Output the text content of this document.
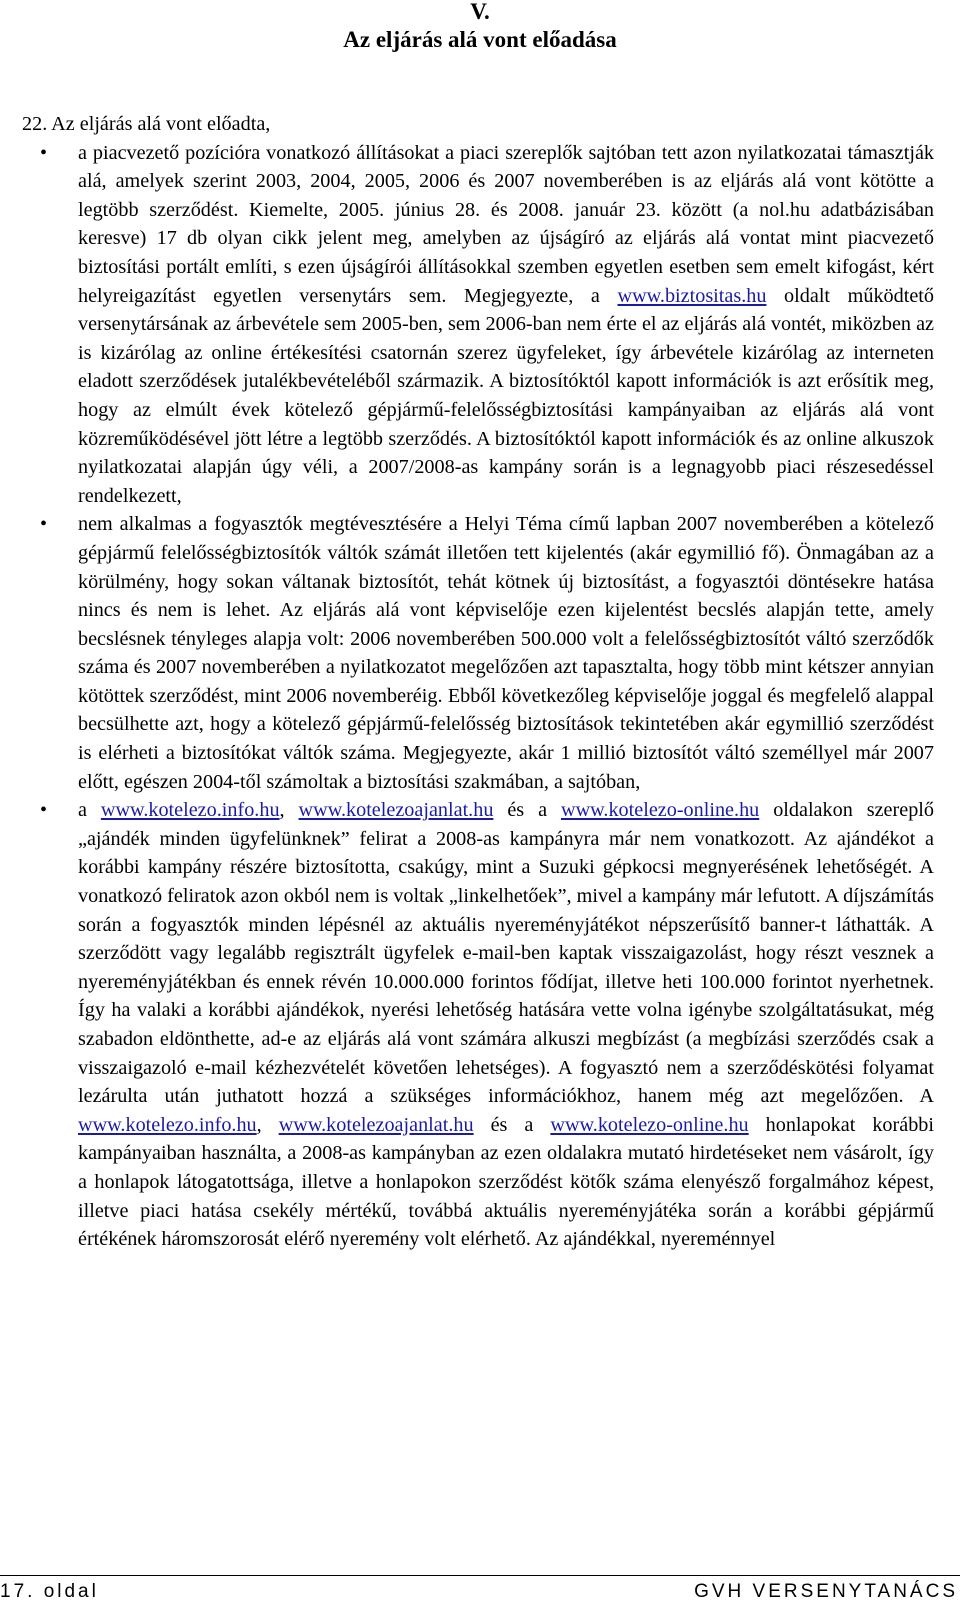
V.
Az eljárás alá vont előadása

22. Az eljárás alá vont előadta,

• a piacvezető pozícióra vonatkozó állításokat a piaci szereplők sajtóban tett azon nyilatkozatai támasztják alá, amelyek szerint 2003, 2004, 2005, 2006 és 2007 novemberében is az eljárás alá vont kötötte a legtöbb szerződést. Kiemelte, 2005. június 28. és 2008. január 23. között (a nol.hu adatbázisában keresve) 17 db olyan cikk jelent meg, amelyben az újságíró az eljárás alá vontat mint piacvezető biztosítási portált említi, s ezen újságírói állításokkal szemben egyetlen esetben sem emelt kifogást, kért helyreigazítást egyetlen versenytárs sem. Megjegyezte, a www.biztositas.hu oldalt működtető versenytársának az árbevétele sem 2005-ben, sem 2006-ban nem érte el az eljárás alá vontét, miközben az is kizárólag az online értékesítési csatornán szerez ügyfeleket, így árbevétele kizárólag az interneten eladott szerződések jutalékbevételéből származik. A biztosítóktól kapott információk is azt erősítik meg, hogy az elmúlt évek kötelező gépjármű-felelősségbiztosítási kampányaiban az eljárás alá vont közreműködésével jött létre a legtöbb szerződés. A biztosítóktól kapott információk és az online alkuszok nyilatkozatai alapján úgy véli, a 2007/2008-as kampány során is a legnagyobb piaci részesedéssel rendelkezett,
• nem alkalmas a fogyasztók megtévesztésére a Helyi Téma című lapban 2007 novemberében a kötelező gépjármű felelősségbiztosítók váltók számát illetően tett kijelentés (akár egymillió fő). Önmagában az a körülmény, hogy sokan váltanak biztosítót, tehát kötnek új biztosítást, a fogyasztói döntésekre hatása nincs és nem is lehet. Az eljárás alá vont képviselője ezen kijelentést becslés alapján tette, amely becslésnek tényleges alapja volt: 2006 novemberében 500.000 volt a felelősségbiztosítót váltó szerződők száma és 2007 novemberében a nyilatkozatot megelőzően azt tapasztalta, hogy több mint kétszer annyian kötöttek szerződést, mint 2006 novemberéig. Ebből következőleg képviselője joggal és megfelelő alappal becsülhette azt, hogy a kötelező gépjármű-felelősség biztosítások tekintetében akár egymillió szerződést is elérheti a biztosítókat váltók száma. Megjegyezte, akár 1 millió biztosítót váltó személlyel már 2007 előtt, egészen 2004-től számoltak a biztosítási szakmában, a sajtóban,
• a www.kotelezo.info.hu, www.kotelezoajanlat.hu és a www.kotelezo-online.hu oldalakon szereplő „ajándék minden ügyfelünknek” felirat a 2008-as kampányra már nem vonatkozott. Az ajándékot a korábbi kampány részére biztosította, csakúgy, mint a Suzuki gépkocsi megnyerésének lehetőségét. A vonatkozó feliratok azon okból nem is voltak „linkelhetőek”, mivel a kampány már lefutott. A díjszámítás során a fogyasztók minden lépésnél az aktuális nyereményjátékot népszerűsítő banner-t láthatták. A szerződött vagy legalább regisztrált ügyfelek e-mail-ben kaptak visszaigazolást, hogy részt vesznek a nyereményjátékban és ennek révén 10.000.000 forintos fődíjat, illetve heti 100.000 forintot nyerhetnek. Így ha valaki a korábbi ajándékok, nyerési lehetőség hatására vette volna igénybe szolgáltatásukat, még szabadon eldönthette, ad-e az eljárás alá vont számára alkuszi megbízást (a megbízási szerződés csak a visszaigazoló e-mail kézhezvételét követően lehetséges). A fogyasztó nem a szerződéskötési folyamat lezárulta után juthatott hozzá a szükséges információkhoz, hanem még azt megelőzően. A www.kotelezo.info.hu, www.kotelezoajanlat.hu és a www.kotelezo-online.hu honlapokat korábbi kampányaiban használta, a 2008-as kampányban az ezen oldalakra mutató hirdetéseket nem vásárolt, így a honlapok látogatottsága, illetve a honlapokon szerződést kötők száma elenyésző forgalmához képest, illetve piaci hatása csekély mértékű, továbbá aktuális nyereményjátéka során a korábbi gépjármű értékének háromszorosát elérő nyeremény volt elérhető. Az ajándékkal, nyereménnyel
17. oldal	GVH VERSENYTANÁCS
